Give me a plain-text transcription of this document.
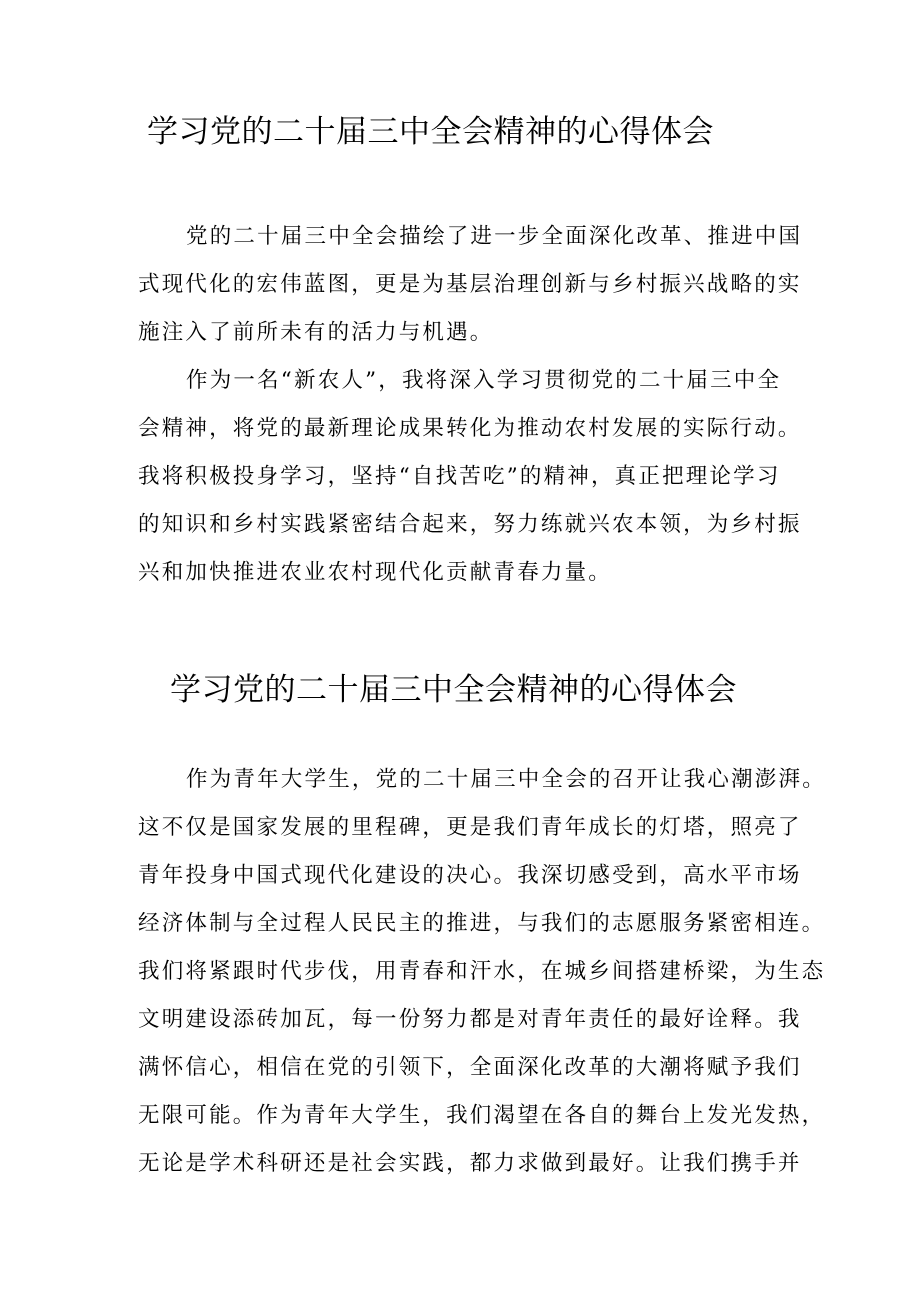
学习党的二十届三中全会精神的心得体会

党的二十届三中全会描绘了进一步全面深化改革、推进中国

式现代化的宏伟蓝图，更是为基层治理创新与乡村振兴战略的实

施注入了前所未有的活力与机遇。

作为一名“新农人”，我将深入学习贯彻党的二十届三中全

会精神，将党的最新理论成果转化为推动农村发展的实际行动。

我将积极投身学习，坚持“自找苦吃”的精神，真正把理论学习

的知识和乡村实践紧密结合起来，努力练就兴农本领，为乡村振

兴和加快推进农业农村现代化贡献青春力量。

学习党的二十届三中全会精神的心得体会

作为青年大学生，党的二十届三中全会的召开让我心潮澎湃。

这不仅是国家发展的里程碑，更是我们青年成长的灯塔，照亮了

青年投身中国式现代化建设的决心。我深切感受到，高水平市场

经济体制与全过程人民民主的推进，与我们的志愿服务紧密相连。

我们将紧跟时代步伐，用青春和汗水，在城乡间搭建桥梁，为生态

文明建设添砖加瓦，每一份努力都是对青年责任的最好诠释。我

满怀信心，相信在党的引领下，全面深化改革的大潮将赋予我们

无限可能。作为青年大学生，我们渴望在各自的舞台上发光发热，

无论是学术科研还是社会实践，都力求做到最好。让我们携手并
